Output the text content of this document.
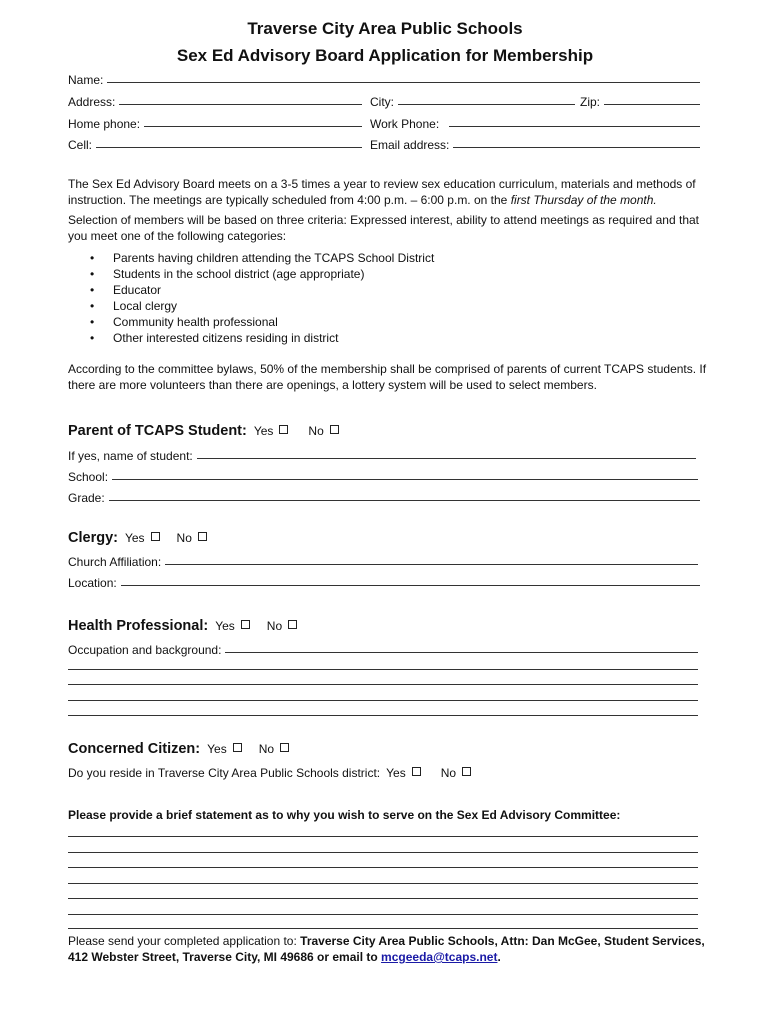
Traverse City Area Public Schools
Sex Ed Advisory Board Application for Membership
Name:
Address:	City:	Zip:
Home phone:	Work Phone:
Cell:	Email address:
The Sex Ed Advisory Board meets on a 3-5 times a year to review sex education curriculum, materials and methods of instruction. The meetings are typically scheduled from 4:00 p.m. – 6:00 p.m. on the first Thursday of the month.
Selection of members will be based on three criteria: Expressed interest, ability to attend meetings as required and that you meet one of the following categories:
• Parents having children attending the TCAPS School District
• Students in the school district (age appropriate)
• Educator
• Local clergy
• Community health professional
• Other interested citizens residing in district
According to the committee bylaws, 50% of the membership shall be comprised of parents of current TCAPS students. If there are more volunteers than there are openings, a lottery system will be used to select members.
Parent of TCAPS Student: Yes	No
If yes, name of student:
School:
Grade:
Clergy: Yes	No
Church Affiliation:
Location:
Health Professional: Yes	No
Occupation and background:
Concerned Citizen: Yes	No
Do you reside in Traverse City Area Public Schools district: Yes	No
Please provide a brief statement as to why you wish to serve on the Sex Ed Advisory Committee:
Please send your completed application to: Traverse City Area Public Schools, Attn: Dan McGee, Student Services, 412 Webster Street, Traverse City, MI 49686 or email to mcgeeda@tcaps.net.
